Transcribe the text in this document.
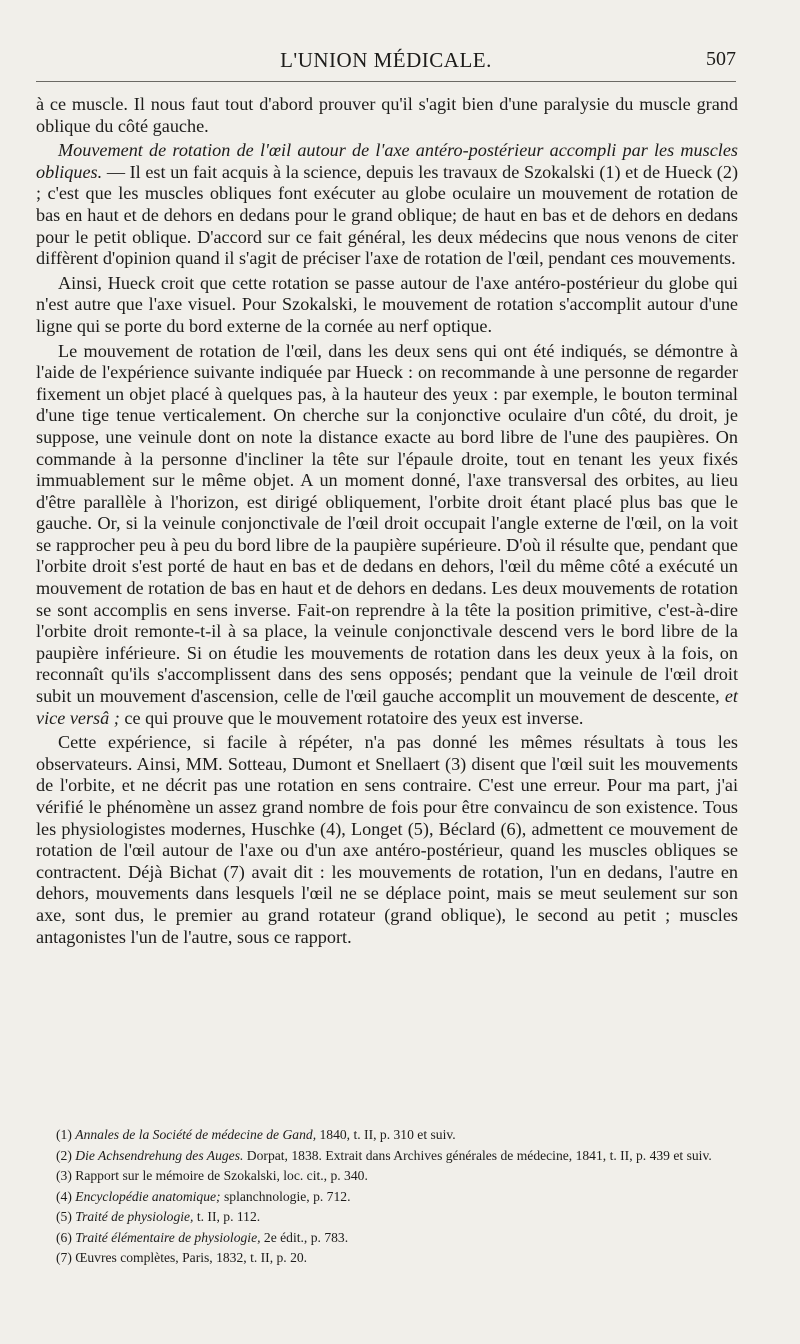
L'UNION MÉDICALE.	507

à ce muscle. Il nous faut tout d'abord prouver qu'il s'agit bien d'une paralysie du muscle grand oblique du côté gauche.

Mouvement de rotation de l'œil autour de l'axe antéro-postérieur accompli par les muscles obliques. — Il est un fait acquis à la science, depuis les travaux de Szokalski (1) et de Hueck (2) ; c'est que les muscles obliques font exécuter au globe oculaire un mouvement de rotation de bas en haut et de dehors en dedans pour le grand oblique; de haut en bas et de dehors en dedans pour le petit oblique. D'accord sur ce fait général, les deux médecins que nous venons de citer diffèrent d'opinion quand il s'agit de préciser l'axe de rotation de l'œil, pendant ces mouvements.

Ainsi, Hueck croit que cette rotation se passe autour de l'axe antéro-postérieur du globe qui n'est autre que l'axe visuel. Pour Szokalski, le mouvement de rotation s'accomplit autour d'une ligne qui se porte du bord externe de la cornée au nerf optique.

Le mouvement de rotation de l'œil, dans les deux sens qui ont été indiqués, se démontre à l'aide de l'expérience suivante indiquée par Hueck : on recommande à une personne de regarder fixement un objet placé à quelques pas, à la hauteur des yeux : par exemple, le bouton terminal d'une tige tenue verticalement. On cherche sur la conjonctive oculaire d'un côté, du droit, je suppose, une veinule dont on note la distance exacte au bord libre de l'une des paupières. On commande à la personne d'incliner la tête sur l'épaule droite, tout en tenant les yeux fixés immuablement sur le même objet. A un moment donné, l'axe transversal des orbites, au lieu d'être parallèle à l'horizon, est dirigé obliquement, l'orbite droit étant placé plus bas que le gauche. Or, si la veinule conjonctivale de l'œil droit occupait l'angle externe de l'œil, on la voit se rapprocher peu à peu du bord libre de la paupière supérieure. D'où il résulte que, pendant que l'orbite droit s'est porté de haut en bas et de dedans en dehors, l'œil du même côté a exécuté un mouvement de rotation de bas en haut et de dehors en dedans. Les deux mouvements de rotation se sont accomplis en sens inverse. Fait-on reprendre à la tête la position primitive, c'est-à-dire l'orbite droit remonte-t-il à sa place, la veinule conjonctivale descend vers le bord libre de la paupière inférieure. Si on étudie les mouvements de rotation dans les deux yeux à la fois, on reconnaît qu'ils s'accomplissent dans des sens opposés; pendant que la veinule de l'œil droit subit un mouvement d'ascension, celle de l'œil gauche accomplit un mouvement de descente, et vice versâ ; ce qui prouve que le mouvement rotatoire des yeux est inverse.

Cette expérience, si facile à répéter, n'a pas donné les mêmes résultats à tous les observateurs. Ainsi, MM. Sotteau, Dumont et Snellaert (3) disent que l'œil suit les mouvements de l'orbite, et ne décrit pas une rotation en sens contraire. C'est une erreur. Pour ma part, j'ai vérifié le phénomène un assez grand nombre de fois pour être convaincu de son existence. Tous les physiologistes modernes, Huschke (4), Longet (5), Béclard (6), admettent ce mouvement de rotation de l'œil autour de l'axe ou d'un axe antéro-postérieur, quand les muscles obliques se contractent. Déjà Bichat (7) avait dit : les mouvements de rotation, l'un en dedans, l'autre en dehors, mouvements dans lesquels l'œil ne se déplace point, mais se meut seulement sur son axe, sont dus, le premier au grand rotateur (grand oblique), le second au petit ; muscles antagonistes l'un de l'autre, sous ce rapport.

(1) Annales de la Société de médecine de Gand, 1840, t. II, p. 310 et suiv.

(2) Die Achsendrehung des Auges. Dorpat, 1838. Extrait dans Archives générales de médecine, 1841, t. II, p. 439 et suiv.

(3) Rapport sur le mémoire de Szokalski, loc. cit., p. 340.

(4) Encyclopédie anatomique; splanchnologie, p. 712.

(5) Traité de physiologie, t. II, p. 112.

(6) Traité élémentaire de physiologie, 2e édit., p. 783.

(7) Œuvres complètes, Paris, 1832, t. II, p. 20.
